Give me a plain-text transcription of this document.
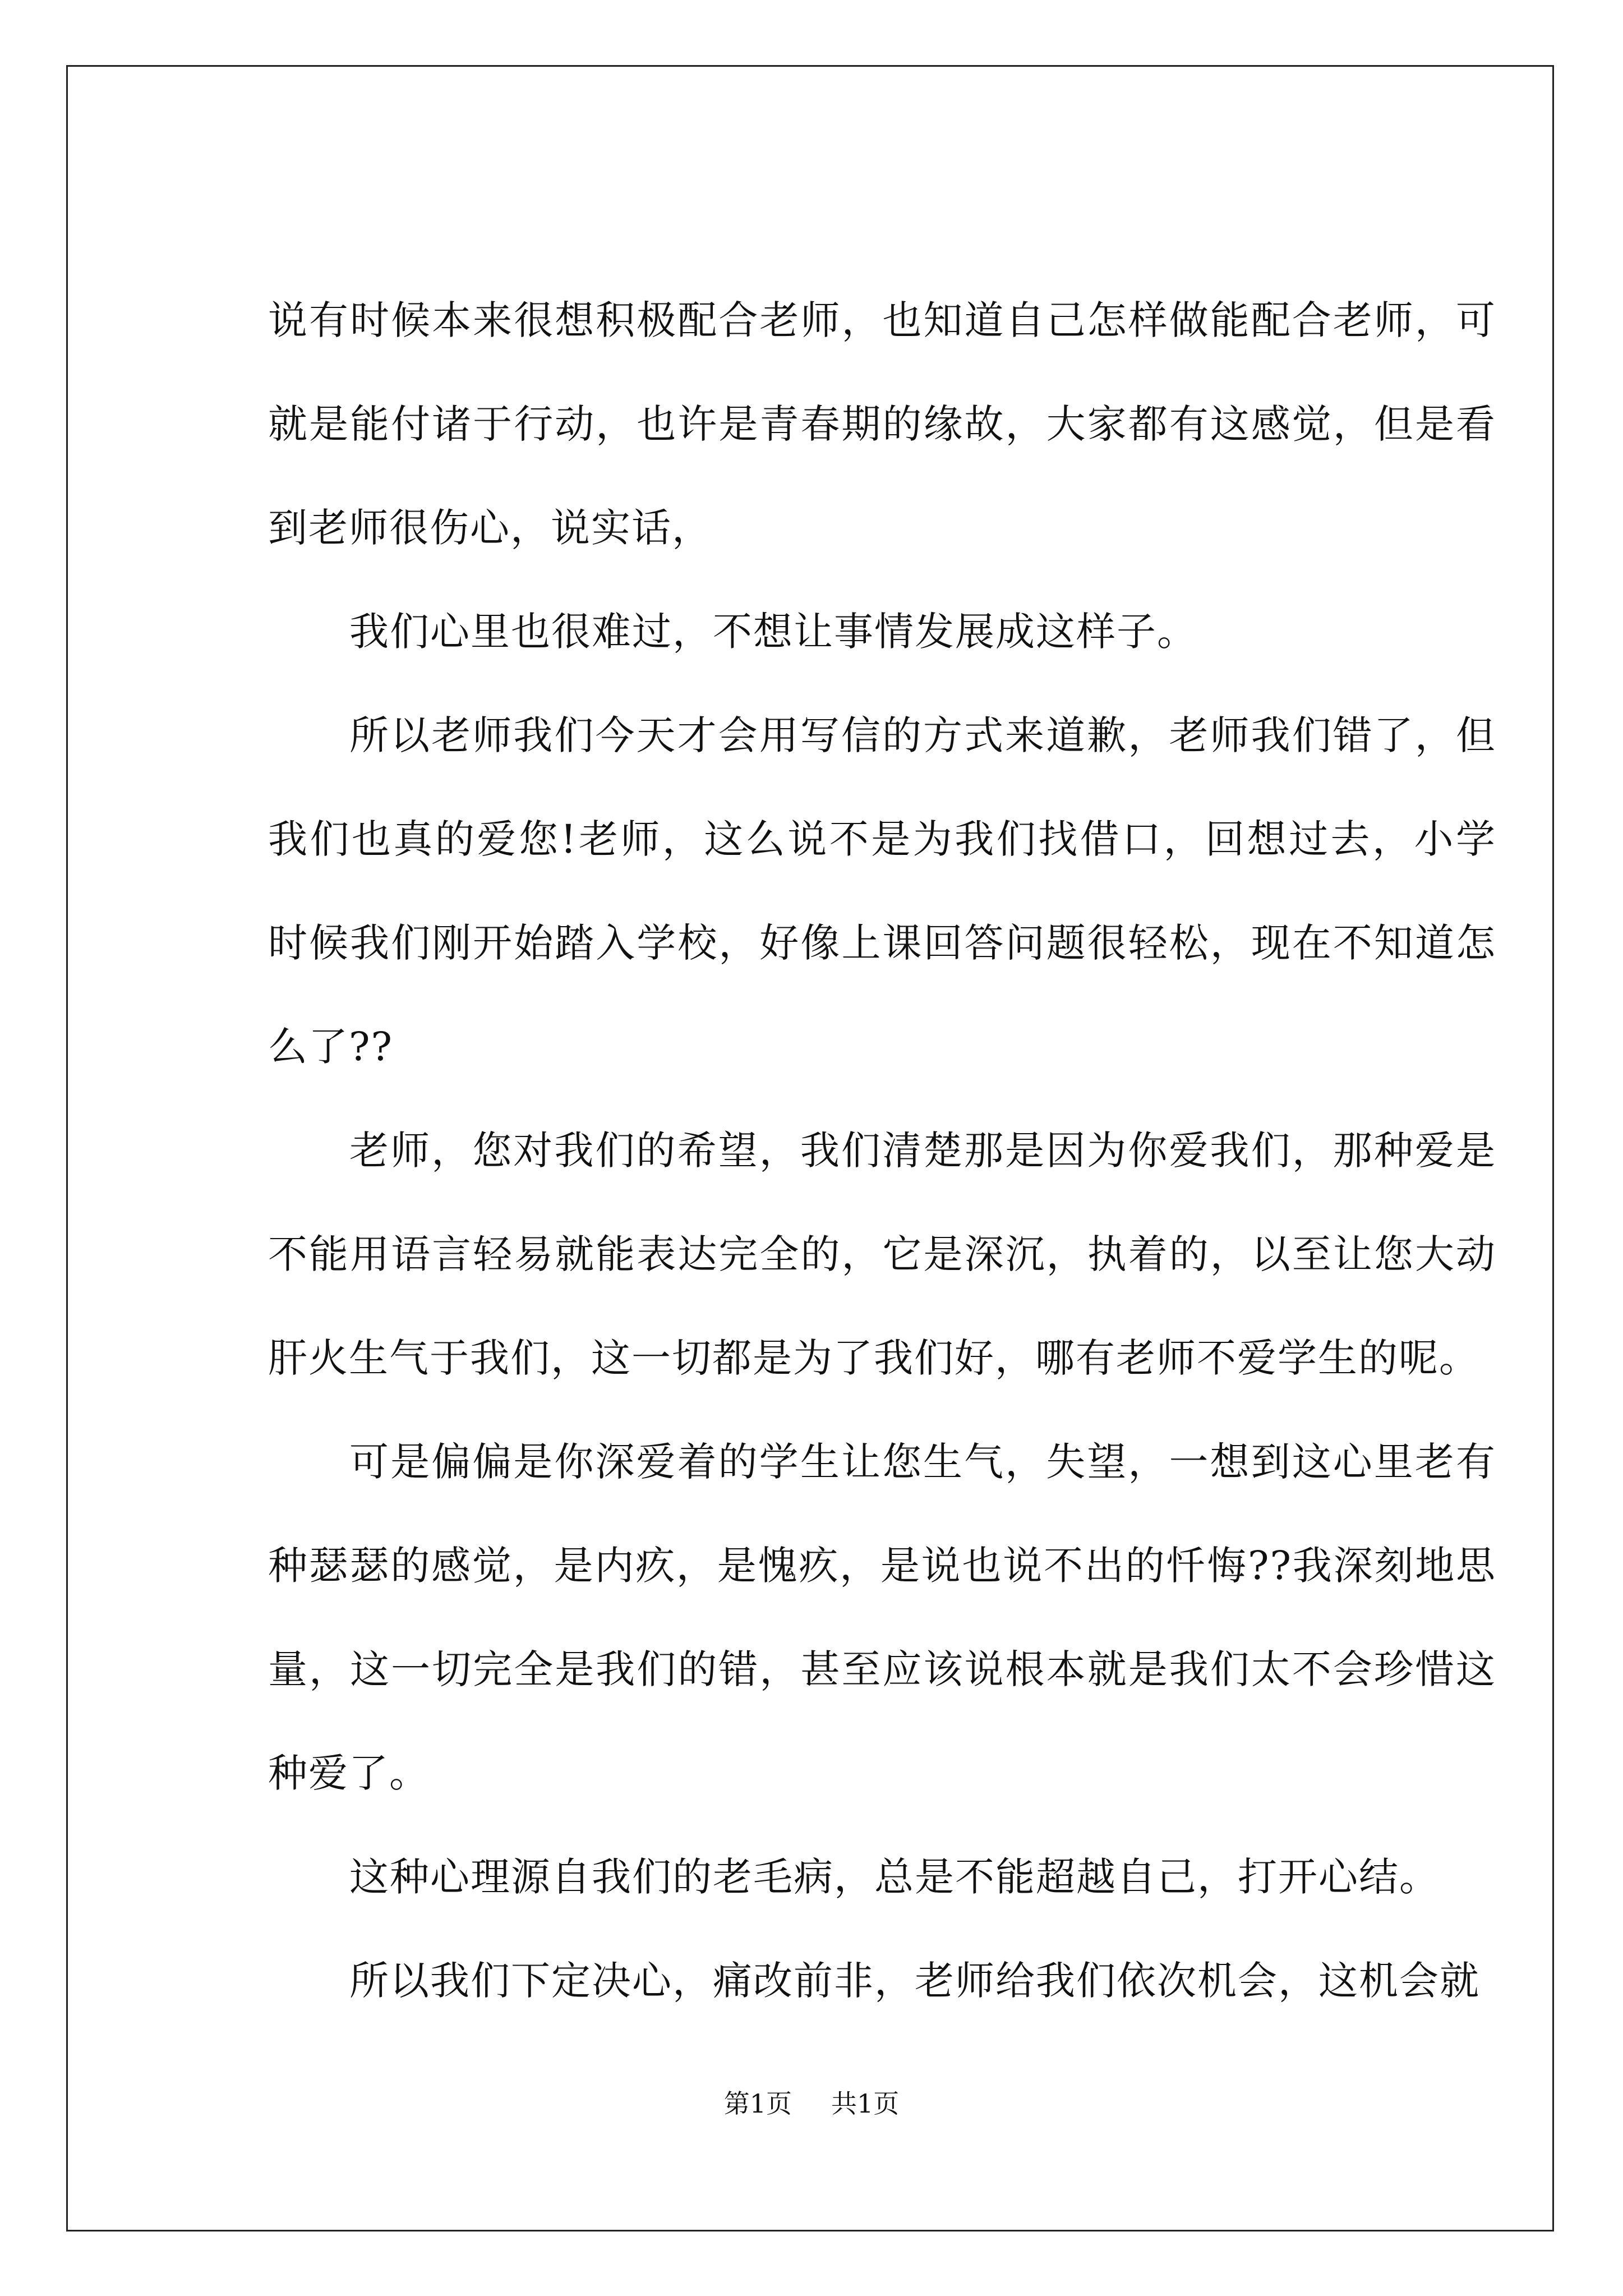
说有时候本来很想积极配合老师，也知道自己怎样做能配合老师，可就是能付诸于行动，也许是青春期的缘故，大家都有这感觉，但是看到老师很伤心，说实话，

我们心里也很难过，不想让事情发展成这样子。

所以老师我们今天才会用写信的方式来道歉，老师我们错了，但我们也真的爱您!老师，这么说不是为我们找借口，回想过去，小学时候我们刚开始踏入学校，好像上课回答问题很轻松，现在不知道怎么了??

老师，您对我们的希望，我们清楚那是因为你爱我们，那种爱是不能用语言轻易就能表达完全的，它是深沉，执着的，以至让您大动肝火生气于我们，这一切都是为了我们好，哪有老师不爱学生的呢。

可是偏偏是你深爱着的学生让您生气，失望，一想到这心里老有种瑟瑟的感觉，是内疚，是愧疚，是说也说不出的忏悔??我深刻地思量，这一切完全是我们的错，甚至应该说根本就是我们太不会珍惜这种爱了。

这种心理源自我们的老毛病，总是不能超越自己，打开心结。

所以我们下定决心，痛改前非，老师给我们依次机会，这机会就

第1页 共1页
